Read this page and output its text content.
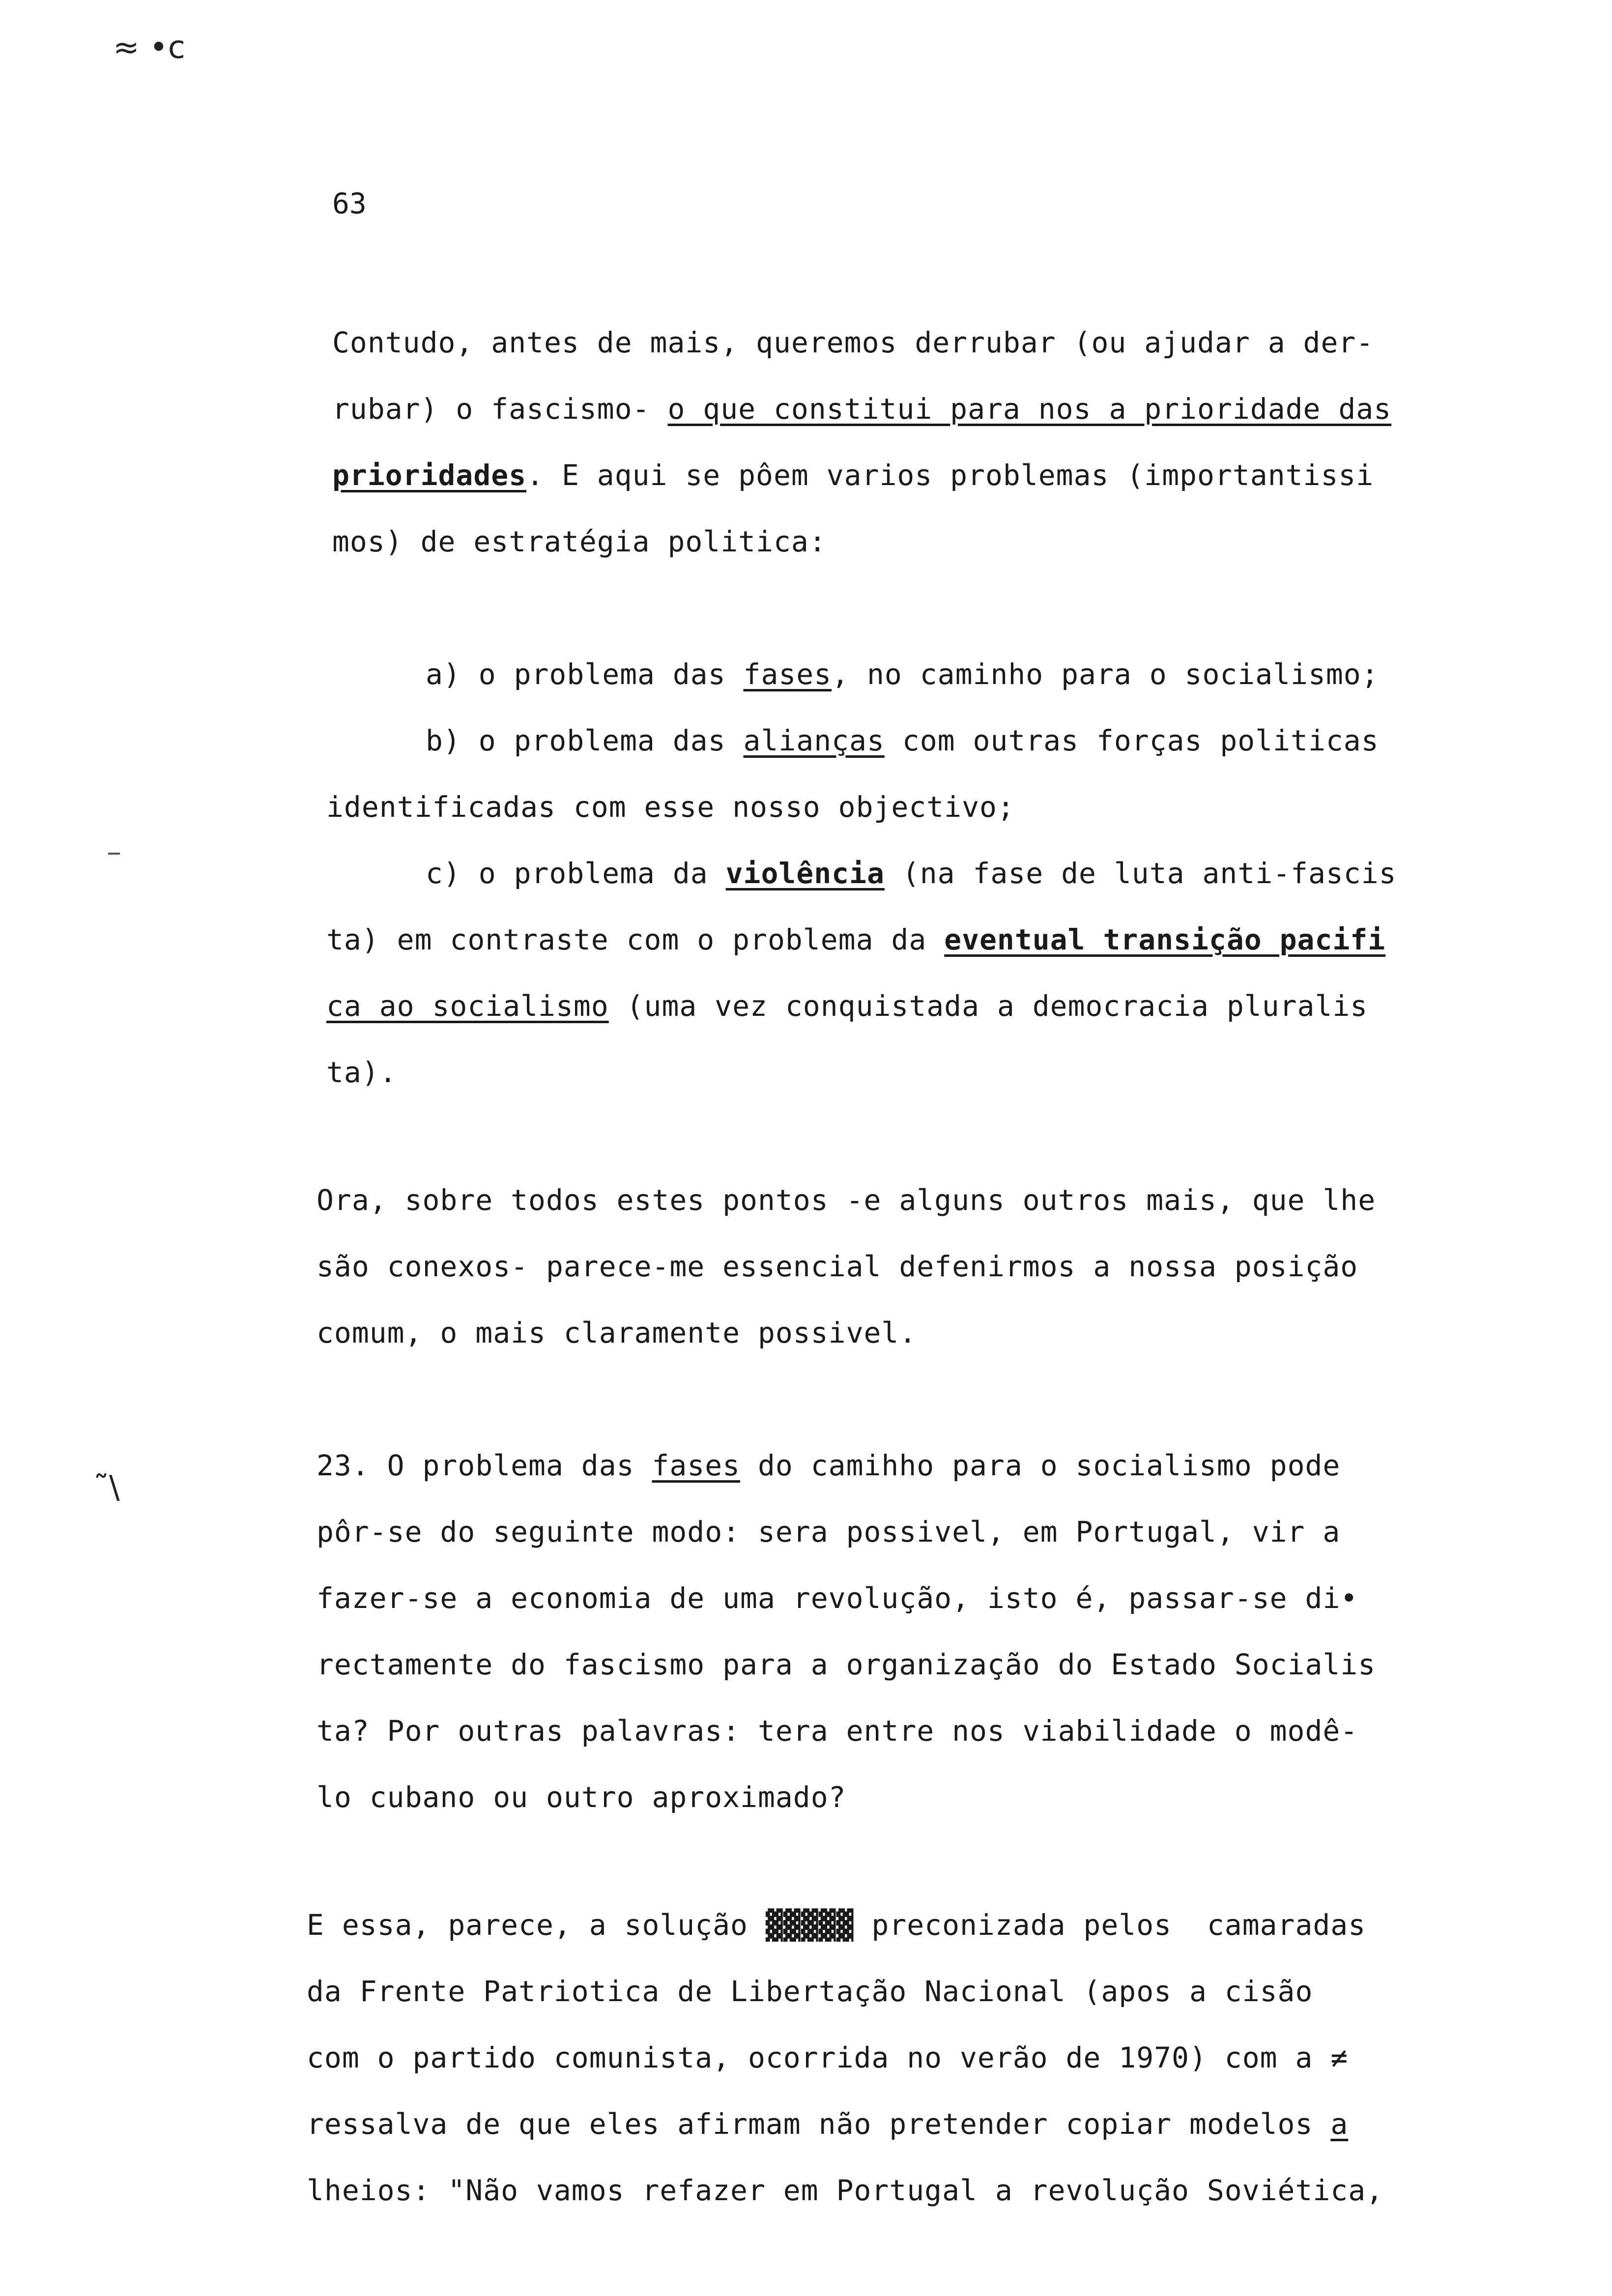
≈ •c
˜\
63
Contudo, antes de mais, queremos derrubar (ou ajudar a der-
rubar) o fascismo- o que constitui para nos a prioridade das
prioridades. E aqui se pôem varios problemas (importantissi
mos) de estratégia politica:
a) o problema das fases, no caminho para o socialismo;
b) o problema das alianças com outras forças politicas
identificadas com esse nosso objectivo;
c) o problema da violência (na fase de luta anti-fascis
ta) em contraste com o problema da eventual transição pacifi
ca ao socialismo (uma vez conquistada a democracia pluralis
ta).
Ora, sobre todos estes pontos -e alguns outros mais, que lhe
são conexos- parece-me essencial defenirmos a nossa posição
comum, o mais claramente possivel.
23. O problema das fases do camihho para o socialismo pode
pôr-se do seguinte modo: sera possivel, em Portugal, vir a
fazer-se a economia de uma revolução, isto é, passar-se di•
rectamente do fascismo para a organização do Estado Socialis
ta? Por outras palavras: tera entre nos viabilidade o modê-
lo cubano ou outro aproximado?
E essa, parece, a solução ▓▓▓▓▓ preconizada pelos  camaradas
da Frente Patriotica de Libertação Nacional (apos a cisão
com o partido comunista, ocorrida no verão de 1970) com a ≠
ressalva de que eles afirmam não pretender copiar modelos a
lheios: "Não vamos refazer em Portugal a revolução Soviética,
